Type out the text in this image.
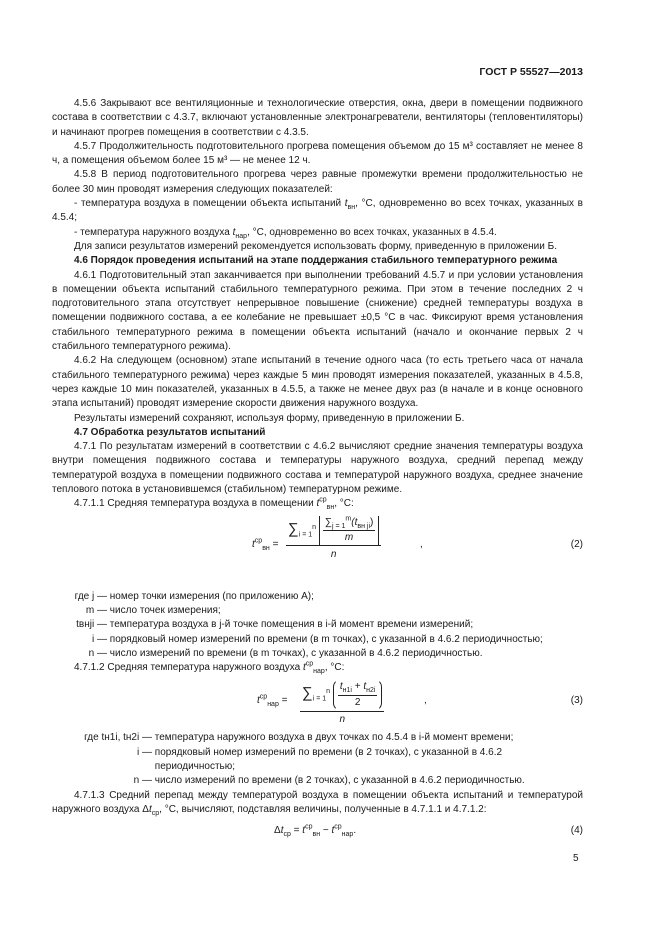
ГОСТ Р 55527—2013

4.5.6 Закрывают все вентиляционные и технологические отверстия, окна, двери в помещении подвижного состава в соответствии с 4.3.7, включают установленные электронагреватели, вентиляторы (тепловентиляторы) и начинают прогрев помещения в соответствии с 4.3.5.

4.5.7 Продолжительность подготовительного прогрева помещения объемом до 15 м³ составляет не менее 8 ч, а помещения объемом более 15 м³ — не менее 12 ч.

4.5.8 В период подготовительного прогрева через равные промежутки времени продолжительностью не более 30 мин проводят измерения следующих показателей:

- температура воздуха в помещении объекта испытаний $t_{вн}$, °С, одновременно во всех точках, указанных в 4.5.4;

- температура наружного воздуха $t_{нар}$, °С, одновременно во всех точках, указанных в 4.5.4.

Для записи результатов измерений рекомендуется использовать форму, приведенную в приложении Б.

4.6 Порядок проведения испытаний на этапе поддержания стабильного температурного режима

4.6.1 Подготовительный этап заканчивается при выполнении требований 4.5.7 и при условии установления в помещении объекта испытаний стабильного температурного режима. При этом в течение последних 2 ч подготовительного этапа отсутствует непрерывное повышение (снижение) средней температуры воздуха в помещении подвижного состава, а ее колебание не превышает ±0,5 °С в час. Фиксируют время установления стабильного температурного режима в помещении объекта испытаний (начало и окончание первых 2 ч стабильного температурного режима).

4.6.2 На следующем (основном) этапе испытаний в течение одного часа (то есть третьего часа от начала стабильного температурного режима) через каждые 5 мин проводят измерения показателей, указанных в 4.5.8, через каждые 10 мин показателей, указанных в 4.5.5, а также не менее двух раз (в начале и в конце основного этапа испытаний) проводят измерение скорости движения наружного воздуха.

Результаты измерений сохраняют, используя форму, приведенную в приложении Б.

4.7 Обработка результатов испытаний

4.7.1 По результатам измерений в соответствии с 4.6.2 вычисляют средние значения температуры воздуха внутри помещения подвижного состава и температуры наружного воздуха, средний перепад между температурой воздуха в помещении подвижного состава и температурой наружного воздуха, среднее значение теплового потока в установившемся (стабильном) температурном режиме.

4.7.1.1 Средняя температура воздуха в помещении $t^{ср}_{вн}$, °С:

$t^{ср}_{вн}$ =
$\sum_{i = 1}^n \frac{\sum_{j = 1}^m(t_{вн ji})}{m}$
n
,	(2)
где j —
номер точки измерения (по приложению А);
m —
число точек измерения;
tвнji —
температура воздуха в j-й точке помещения в i-й момент времени измерений;
i —
порядковый номер измерений по времени (в m точках), с указанной в 4.6.2 периодичностью;
n —
число измерений по времени (в m точках), с указанной в 4.6.2 периодичностью.

4.7.1.2 Средняя температура наружного воздуха $t^{ср}_{нар}$, °С:

$t^{ср}_{нар} = \sum_{i = 1}^n \frac{t_{н1i} + t_{н2i}}{2}$
n
,	(3)
где tн1i, tн2i —
температура наружного воздуха в двух точках по 4.5.4 в i-й момент времени;
i —
порядковый номер измерений по времени (в 2 точках), с указанной в 4.6.2 периодичностью;
n —
число измерений по времени (в 2 точках), с указанной в 4.6.2 периодичностью.

4.7.1.3 Средний перепад между температурой воздуха в помещении объекта испытаний и температурой наружного воздуха $\Delta t_{ср}$, °С, вычисляют, подставляя величины, полученные в 4.7.1.1 и 4.7.1.2:

$\Delta t_{ср} = t^{ср}_{вн} - t^{ср}_{нар}$.	(4)
5
